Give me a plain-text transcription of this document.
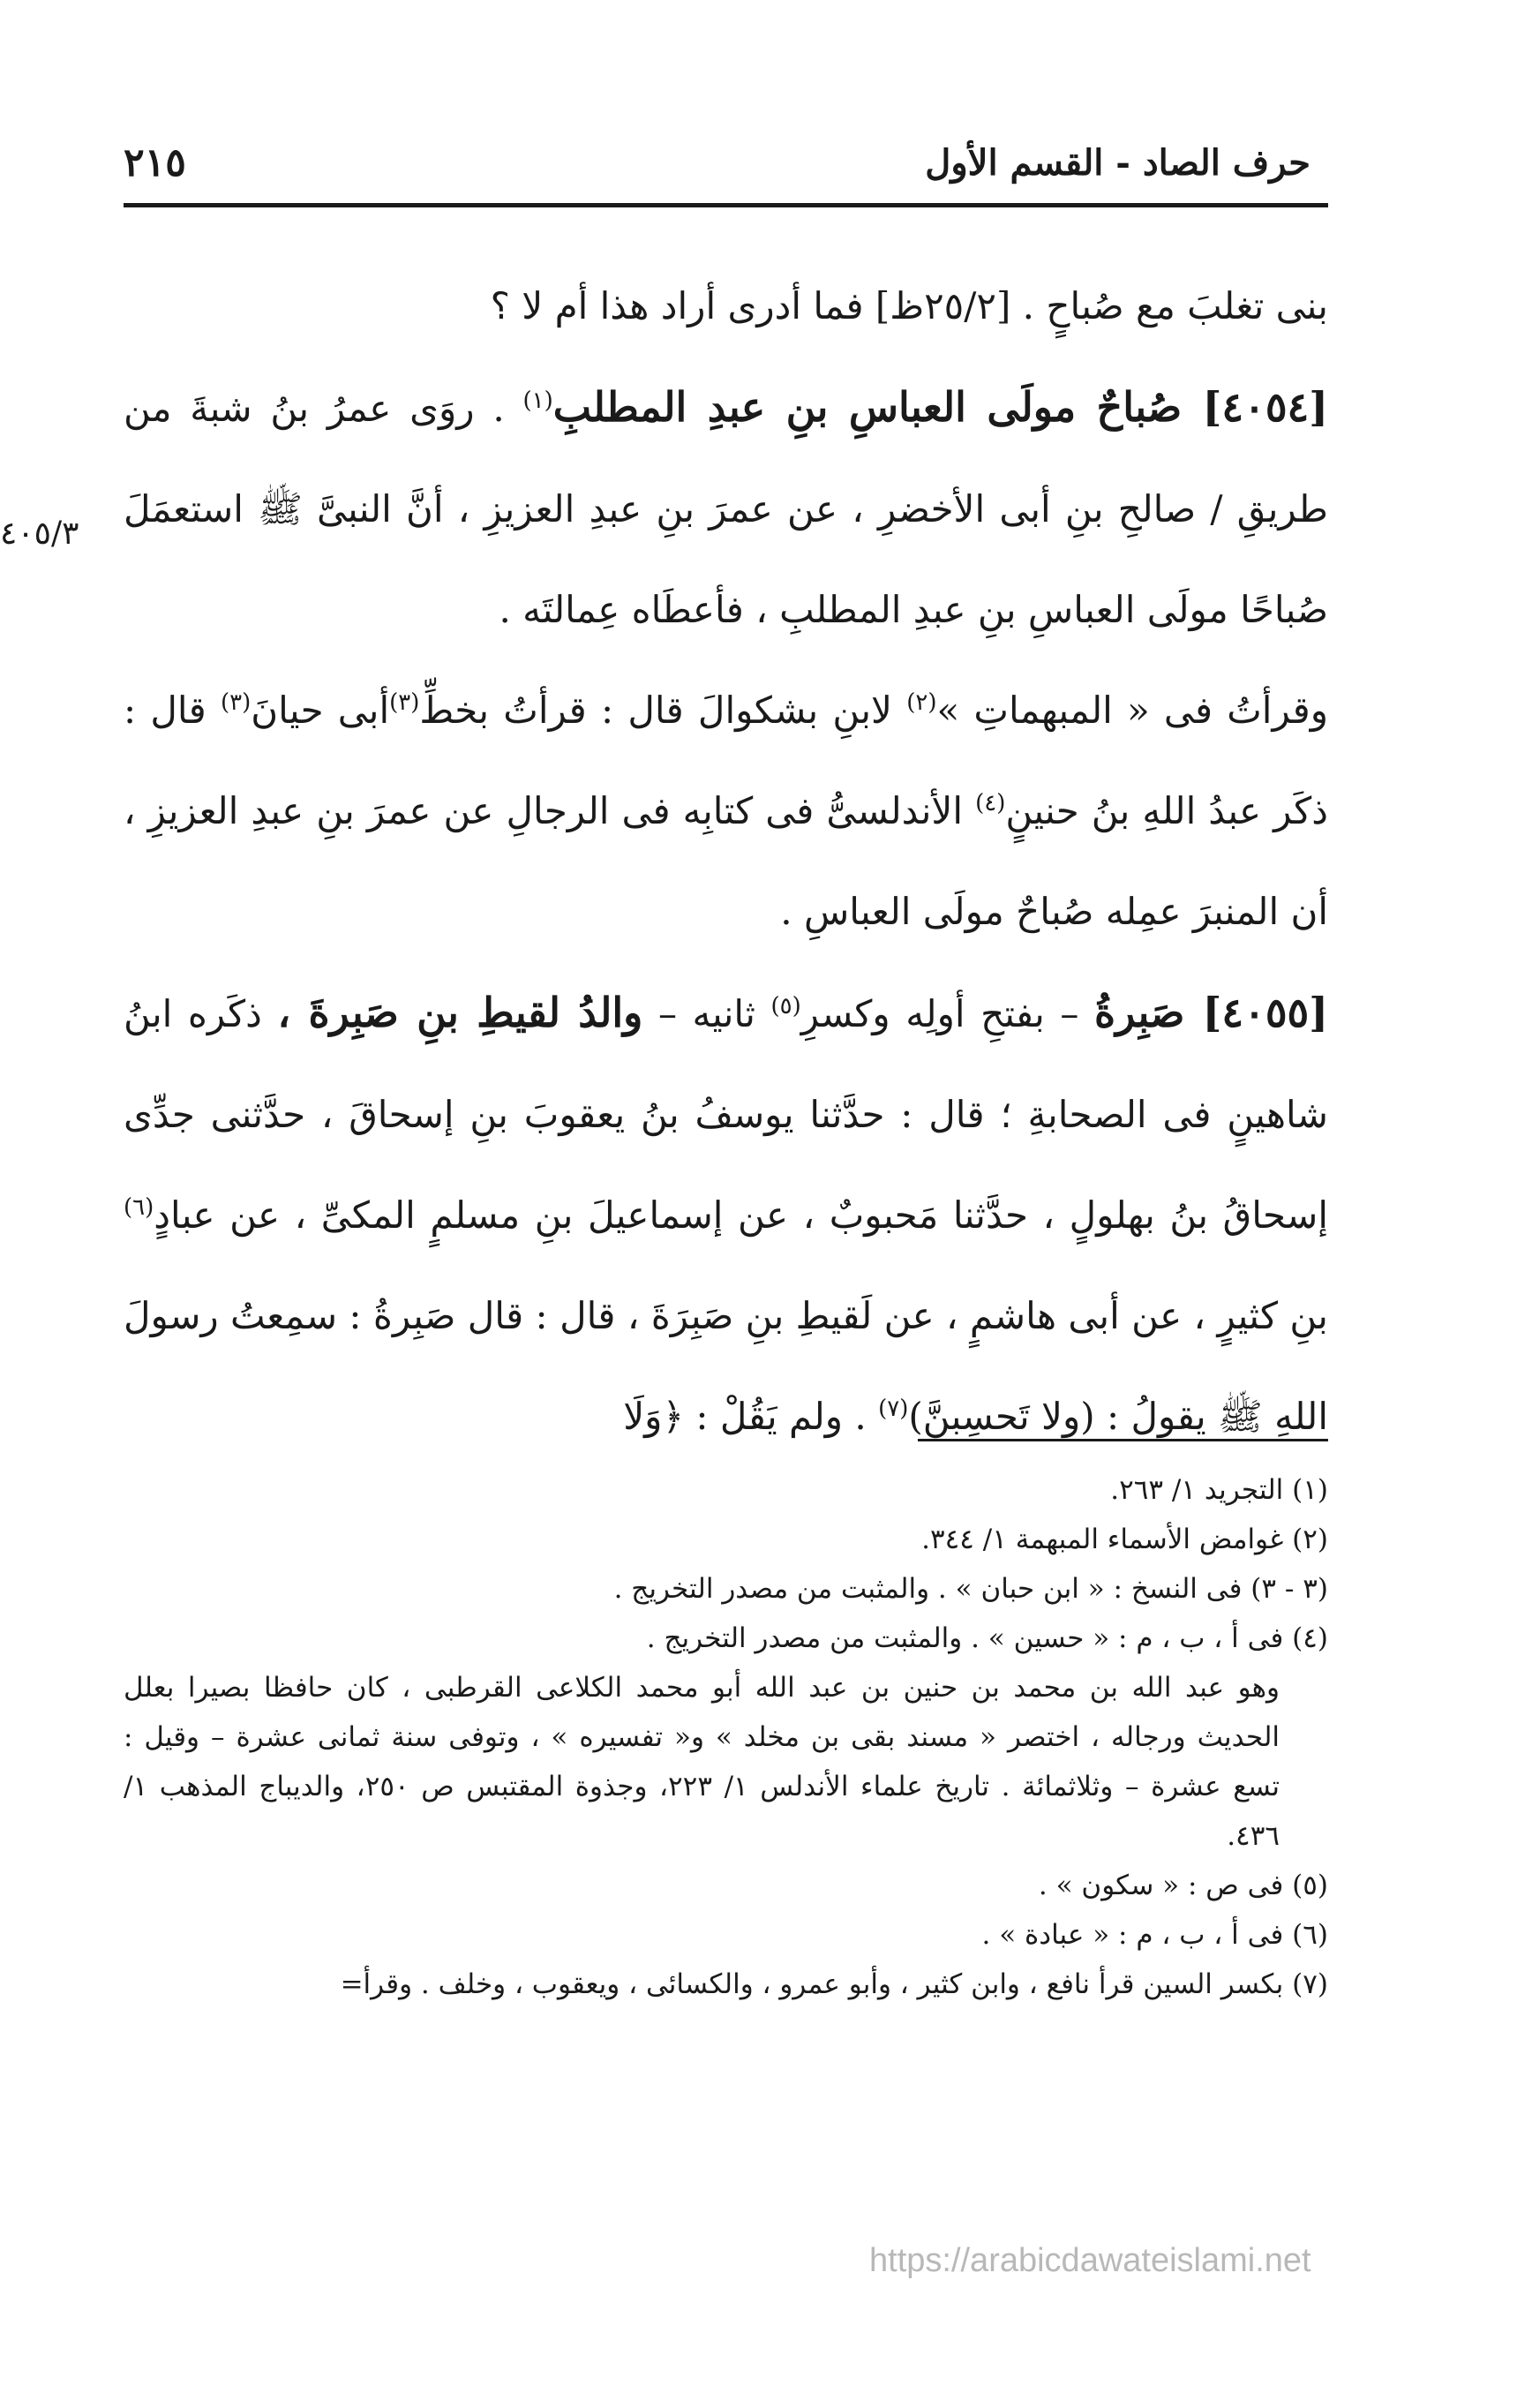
حرف الصاد - القسم الأول
٢١٥
٤٠٥/٣

بنى تغلبَ مع صُباحٍ . [٢٥/٢ظ] فما أدرى أراد هذا أم لا ؟

[٤٠٥٤] صُباحٌ مولَى العباسِ بنِ عبدِ المطلبِ$^{(١)}$ . روَى عمرُ بنُ شبةَ من طريقِ / صالحِ بنِ أبى الأخضرِ ، عن عمرَ بنِ عبدِ العزيزِ ، أنَّ النبىَّ ﷺ استعمَلَ صُباحًا مولَى العباسِ بنِ عبدِ المطلبِ ، فأعطَاه عِمالتَه .

وقرأتُ فى « المبهماتِ »$^{(٢)}$ لابنِ بشكوالَ قال : قرأتُ بخطِّ$^{(٣)}$أبى حيانَ$^{(٣)}$ قال : ذكَر عبدُ اللهِ بنُ حنينٍ$^{(٤)}$ الأندلسىُّ فى كتابِه فى الرجالِ عن عمرَ بنِ عبدِ العزيزِ ، أن المنبرَ عمِله صُباحٌ مولَى العباسِ .

[٤٠٥٥] صَبِرةُ – بفتحِ أولِه وكسرِ$^{(٥)}$ ثانيه – والدُ لقيطِ بنِ صَبِرةَ ، ذكَره ابنُ شاهينٍ فى الصحابةِ ؛ قال : حدَّثنا يوسفُ بنُ يعقوبَ بنِ إسحاقَ ، حدَّثنى جدِّى إسحاقُ بنُ بهلولٍ ، حدَّثنا مَحبوبٌ ، عن إسماعيلَ بنِ مسلمٍ المكىِّ ، عن عبادٍ$^{(٦)}$ بنِ كثيرٍ ، عن أبى هاشمٍ ، عن لَقيطِ بنِ صَبِرَةَ ، قال : قال صَبِرةُ : سمِعتُ رسولَ اللهِ ﷺ يقولُ : (ولا تَحسِبنَّ)$^{(٧)}$ . ولم يَقُلْ : ﴿وَلَا

(١) التجريد ١/ ٢٦٣.

(٢) غوامض الأسماء المبهمة ١/ ٣٤٤.

(٣ - ٣) فى النسخ : « ابن حبان » . والمثبت من مصدر التخريج .

(٤) فى أ ، ب ، م : « حسين » . والمثبت من مصدر التخريج .

وهو عبد الله بن محمد بن حنين بن عبد الله أبو محمد الكلاعى القرطبى ، كان حافظا بصيرا بعلل الحديث ورجاله ، اختصر « مسند بقى بن مخلد » و« تفسيره » ، وتوفى سنة ثمانى عشرة – وقيل : تسع عشرة – وثلاثمائة . تاريخ علماء الأندلس ١/ ٢٢٣، وجذوة المقتبس ص ٢٥٠، والديباج المذهب ١/ ٤٣٦.

(٥) فى ص : « سكون » .

(٦) فى أ ، ب ، م : « عبادة » .

(٧) بكسر السين قرأ نافع ، وابن كثير ، وأبو عمرو ، والكسائى ، ويعقوب ، وخلف . وقرأ=

https://arabicdawateislami.net
